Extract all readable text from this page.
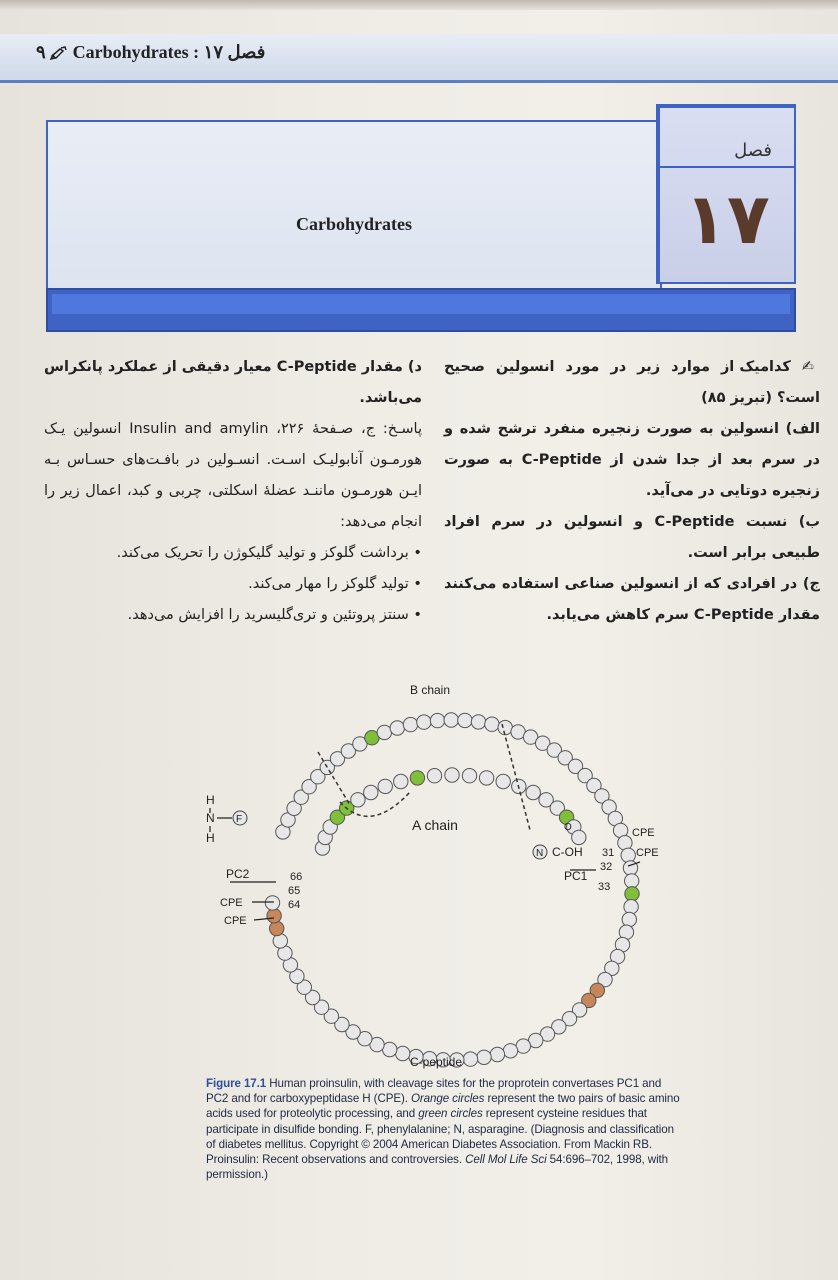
۹ Carbohydrates : فصل ۱۷
Carbohydrates
فصل
۱۷

✍ کدامیک از موارد زیر در مورد انسولین صحیح است؟ (تبریز ۸۵)

الف) انسولین به صورت زنجیره منفرد ترشح شده و در سرم بعد از جدا شدن از C-Peptide به صورت زنجیره دوتایی در می‌آید.

ب) نسبت C-Peptide و انسولین در سرم افراد طبیعی برابر است.

ج) در افرادی که از انسولین صناعی استفاده می‌کنند مقدار C-Peptide سرم کاهش می‌یابد.

د) مقدار C-Peptide معیار دقیقی از عملکرد پانکراس می‌باشد.

پاسـخ: ج، صـفحهٔ ۲۲۶، Insulin and amylin انسولین یـک هورمـون آنابولیـک اسـت. انسـولین در بافـت‌های حسـاس بـه ایـن هورمـون ماننـد عضلهٔ اسکلتی، چربی و کبد، اعمال زیر را انجام می‌دهد:

• برداشت گلوکز و تولید گلیکوژن را تحریک می‌کند.

• تولید گلوکز را مهار می‌کند.

• سنتز پروتئین و تری‌گلیسرید را افزایش می‌دهد.

B chain
A chain
C-peptide
H
N
H
F
N
O
C-OH 31
32
33
PC1
CPE
CPE
PC2	66
65
64
CPE
CPE
Figure 17.1 Human proinsulin, with cleavage sites for the proprotein convertases PC1 and PC2 and for carboxypeptidase H (CPE). Orange circles represent the two pairs of basic amino acids used for proteolytic processing, and green circles represent cysteine residues that participate in disulfide bonding. F, phenylalanine; N, asparagine. (Diagnosis and classification of diabetes mellitus. Copyright © 2004 American Diabetes Association. From Mackin RB. Proinsulin: Recent observations and controversies. Cell Mol Life Sci 54:696–702, 1998, with permission.)
